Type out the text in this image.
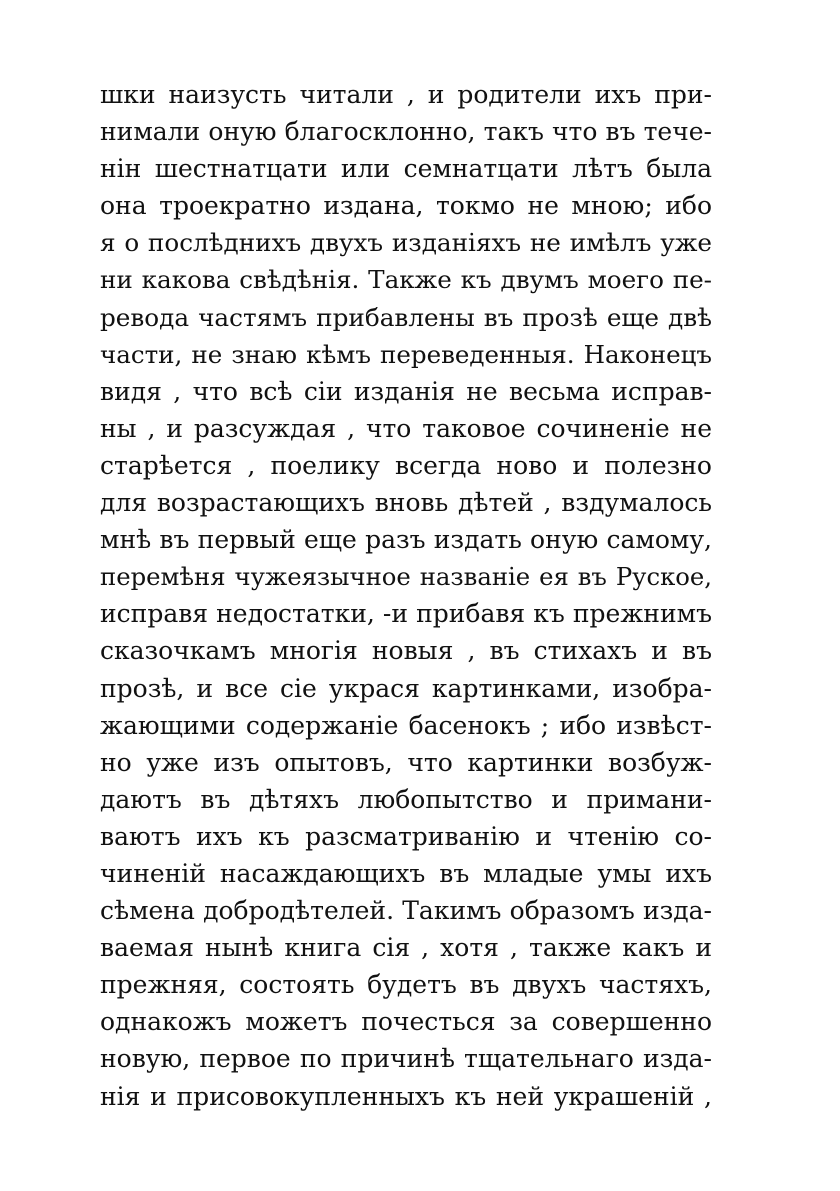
шки наизусть читали , и родители ихъ при-
нимали оную благосклонно, такъ что въ тече-
нін шестнатцати или семнатцати лѣтъ была
она троекратно издана, токмо не мною; ибо
я о послѣднихъ двухъ изданіяхъ не имѣлъ уже
ни какова свѣдѣнія. Также къ двумъ моего пе-
ревода частямъ прибавлены въ прозѣ еще двѣ
части, не знаю кѣмъ переведенныя. Наконецъ
видя , что всѣ сіи изданія не весьма исправ-
ны , и разсуждая , что таковое сочиненіе не
старѣется , поелику всегда ново и полезно
для возрастающихъ вновь дѣтей , вздумалось
мнѣ въ первый еще разъ издать оную самому,
перемѣня чужеязычное названіе ея въ Руское,
исправя недостатки, -и прибавя къ прежнимъ
сказочкамъ многія новыя , въ стихахъ и въ
прозѣ, и все сіе украся картинками, изобра-
жающими содержаніе басенокъ ; ибо извѣст-
но уже изъ опытовъ, что картинки возбуж-
даютъ въ дѣтяхъ любопытство и примани-
ваютъ ихъ къ разсматриванію и чтенію со-
чиненій насаждающихъ въ младые умы ихъ
сѣмена добродѣтелей. Такимъ образомъ изда-
ваемая нынѣ книга сія , хотя , также какъ и
прежняя, состоять будетъ въ двухъ частяхъ,
однакожъ можетъ почесться за совершенно
новую, первое по причинѣ тщательнаго изда-
нія и присовокупленныхъ къ ней украшеній ,
